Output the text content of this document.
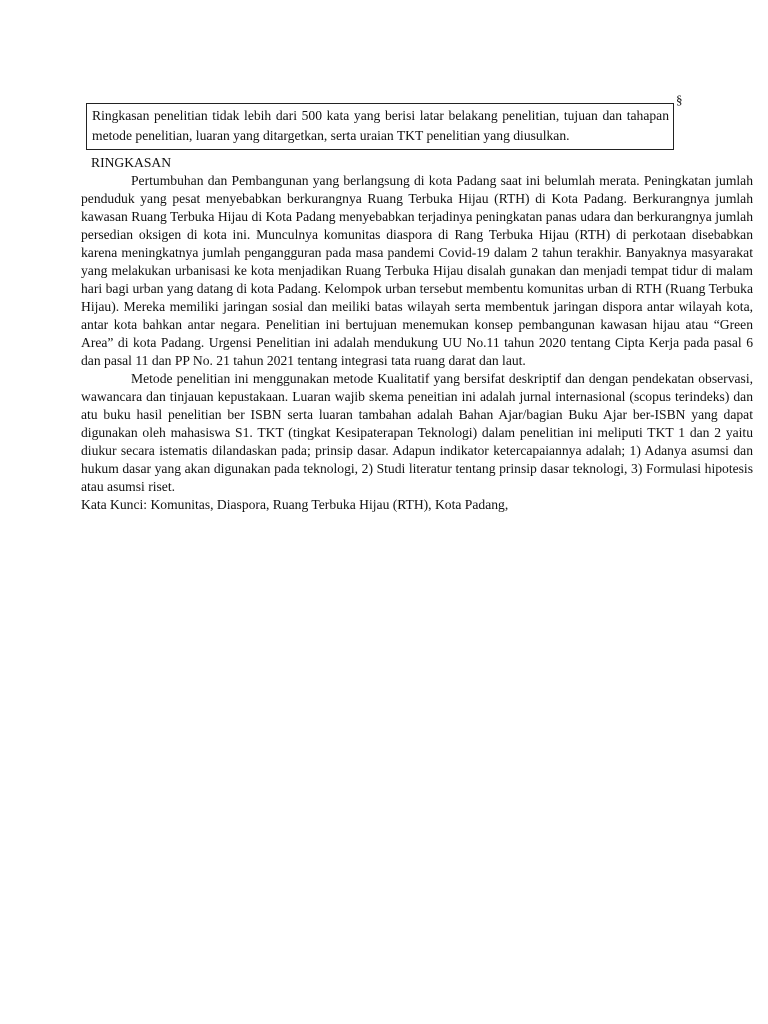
§
Ringkasan penelitian tidak lebih dari 500 kata yang berisi latar belakang penelitian, tujuan dan tahapan metode penelitian, luaran yang ditargetkan, serta uraian TKT penelitian yang diusulkan.
RINGKASAN

Pertumbuhan dan Pembangunan yang berlangsung di kota Padang saat ini belumlah merata. Peningkatan jumlah penduduk yang pesat menyebabkan berkurangnya Ruang Terbuka Hijau (RTH) di Kota Padang. Berkurangnya jumlah kawasan Ruang Terbuka Hijau di Kota Padang menyebabkan terjadinya peningkatan panas udara dan berkurangnya jumlah persedian oksigen di kota ini. Munculnya komunitas diaspora di Rang Terbuka Hijau (RTH) di perkotaan disebabkan karena meningkatnya jumlah pengangguran pada masa pandemi Covid-19 dalam 2 tahun terakhir. Banyaknya masyarakat yang melakukan urbanisasi ke kota menjadikan Ruang Terbuka Hijau disalah gunakan dan menjadi tempat tidur di malam hari bagi urban yang datang di kota Padang. Kelompok urban tersebut membentu komunitas urban di RTH (Ruang Terbuka Hijau). Mereka memiliki jaringan sosial dan meiliki batas wilayah serta membentuk jaringan dispora antar wilayah kota, antar kota bahkan antar negara. Penelitian ini bertujuan menemukan konsep pembangunan kawasan hijau atau “Green Area” di kota Padang. Urgensi Penelitian ini adalah mendukung UU No.11 tahun 2020 tentang Cipta Kerja pada pasal 6 dan pasal 11 dan PP No. 21 tahun 2021 tentang integrasi tata ruang darat dan laut.

Metode penelitian ini menggunakan metode Kualitatif yang bersifat deskriptif dan dengan pendekatan observasi, wawancara dan tinjauan kepustakaan. Luaran wajib skema peneitian ini adalah jurnal internasional (scopus terindeks) dan atu buku hasil penelitian ber ISBN serta luaran tambahan adalah Bahan Ajar/bagian Buku Ajar ber-ISBN yang dapat digunakan oleh mahasiswa S1. TKT (tingkat Kesipaterapan Teknologi) dalam penelitian ini meliputi TKT 1 dan 2 yaitu diukur secara istematis dilandaskan pada; prinsip dasar. Adapun indikator ketercapaiannya adalah; 1) Adanya asumsi dan hukum dasar yang akan digunakan pada teknologi, 2) Studi literatur tentang prinsip dasar teknologi, 3) Formulasi hipotesis atau asumsi riset.

Kata Kunci: Komunitas, Diaspora, Ruang Terbuka Hijau (RTH), Kota Padang,
